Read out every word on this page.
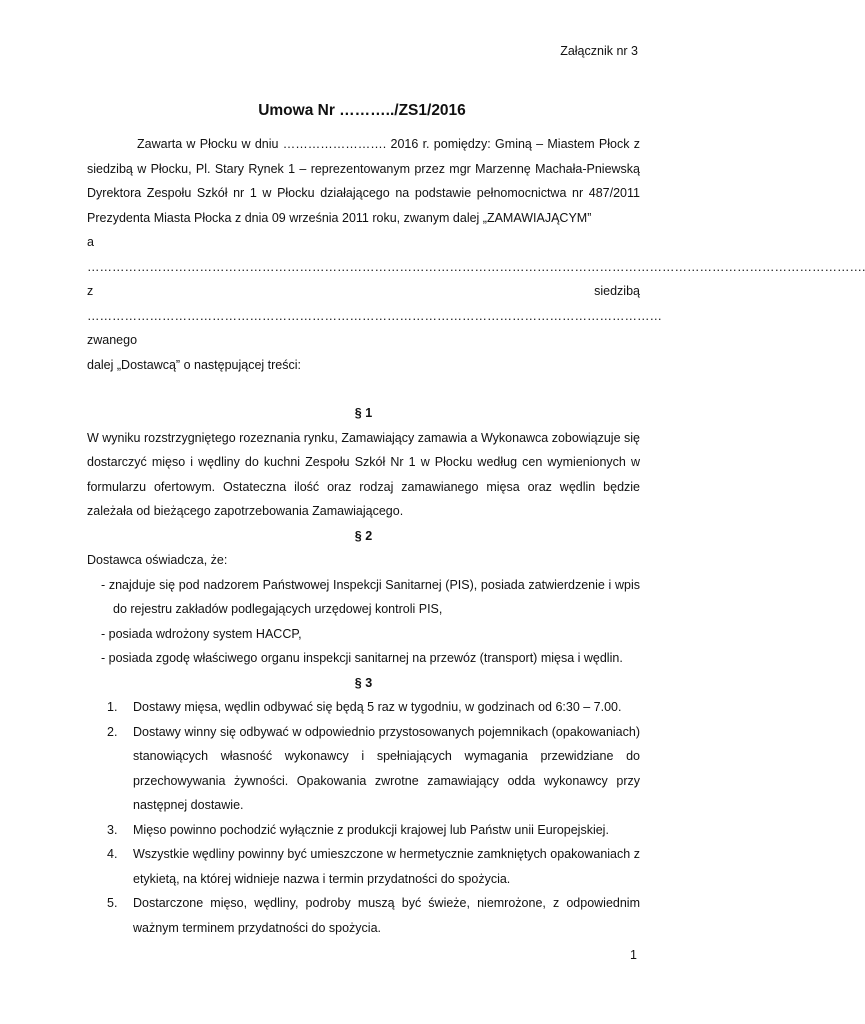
Załącznik nr 3
Umowa Nr ………../ZS1/2016

Zawarta w Płocku w dniu ……………………. 2016 r. pomiędzy: Gminą – Miastem Płock z siedzibą w Płocku, Pl. Stary Rynek 1 – reprezentowanym przez mgr Marzennę Machała-Pniewską Dyrektora Zespołu Szkół nr 1 w Płocku działającego na podstawie pełnomocnictwa nr 487/2011 Prezydenta Miasta Płocka z dnia 09 września 2011 roku, zwanym dalej „ZAMAWIAJĄCYM”

a

…………………………………………………………………………………………………………………………………………………………………….

z siedzibą ………………………………………………………………………………………………………………………… zwanego

dalej „Dostawcą” o następującej treści:

§ 1

W wyniku rozstrzygniętego rozeznania rynku, Zamawiający zamawia a Wykonawca zobowiązuje się dostarczyć mięso i wędliny do kuchni Zespołu Szkół Nr 1 w Płocku według cen wymienionych w formularzu ofertowym. Ostateczna ilość oraz rodzaj zamawianego mięsa oraz wędlin będzie zależała od bieżącego zapotrzebowania Zamawiającego.

§ 2

Dostawca oświadcza, że:

- znajduje się pod nadzorem Państwowej Inspekcji Sanitarnej (PIS), posiada zatwierdzenie i wpis do rejestru zakładów podlegających urzędowej kontroli PIS,

- posiada wdrożony system HACCP,

- posiada zgodę właściwego organu inspekcji sanitarnej na przewóz (transport) mięsa i wędlin.

§ 3

1. Dostawy mięsa, wędlin odbywać się będą 5 raz w tygodniu, w godzinach od 6:30 – 7.00.
2. Dostawy winny się odbywać w odpowiednio przystosowanych pojemnikach (opakowaniach) stanowiących własność wykonawcy i spełniających wymagania przewidziane do przechowywania żywności. Opakowania zwrotne zamawiający odda wykonawcy przy następnej dostawie.
3. Mięso powinno pochodzić wyłącznie z produkcji krajowej lub Państw unii Europejskiej.
4. Wszystkie wędliny powinny być umieszczone w hermetycznie zamkniętych opakowaniach z etykietą, na której widnieje nazwa i termin przydatności do spożycia.
5. Dostarczone mięso, wędliny, podroby muszą być świeże, niemrożone, z odpowiednim ważnym terminem przydatności do spożycia.
1
